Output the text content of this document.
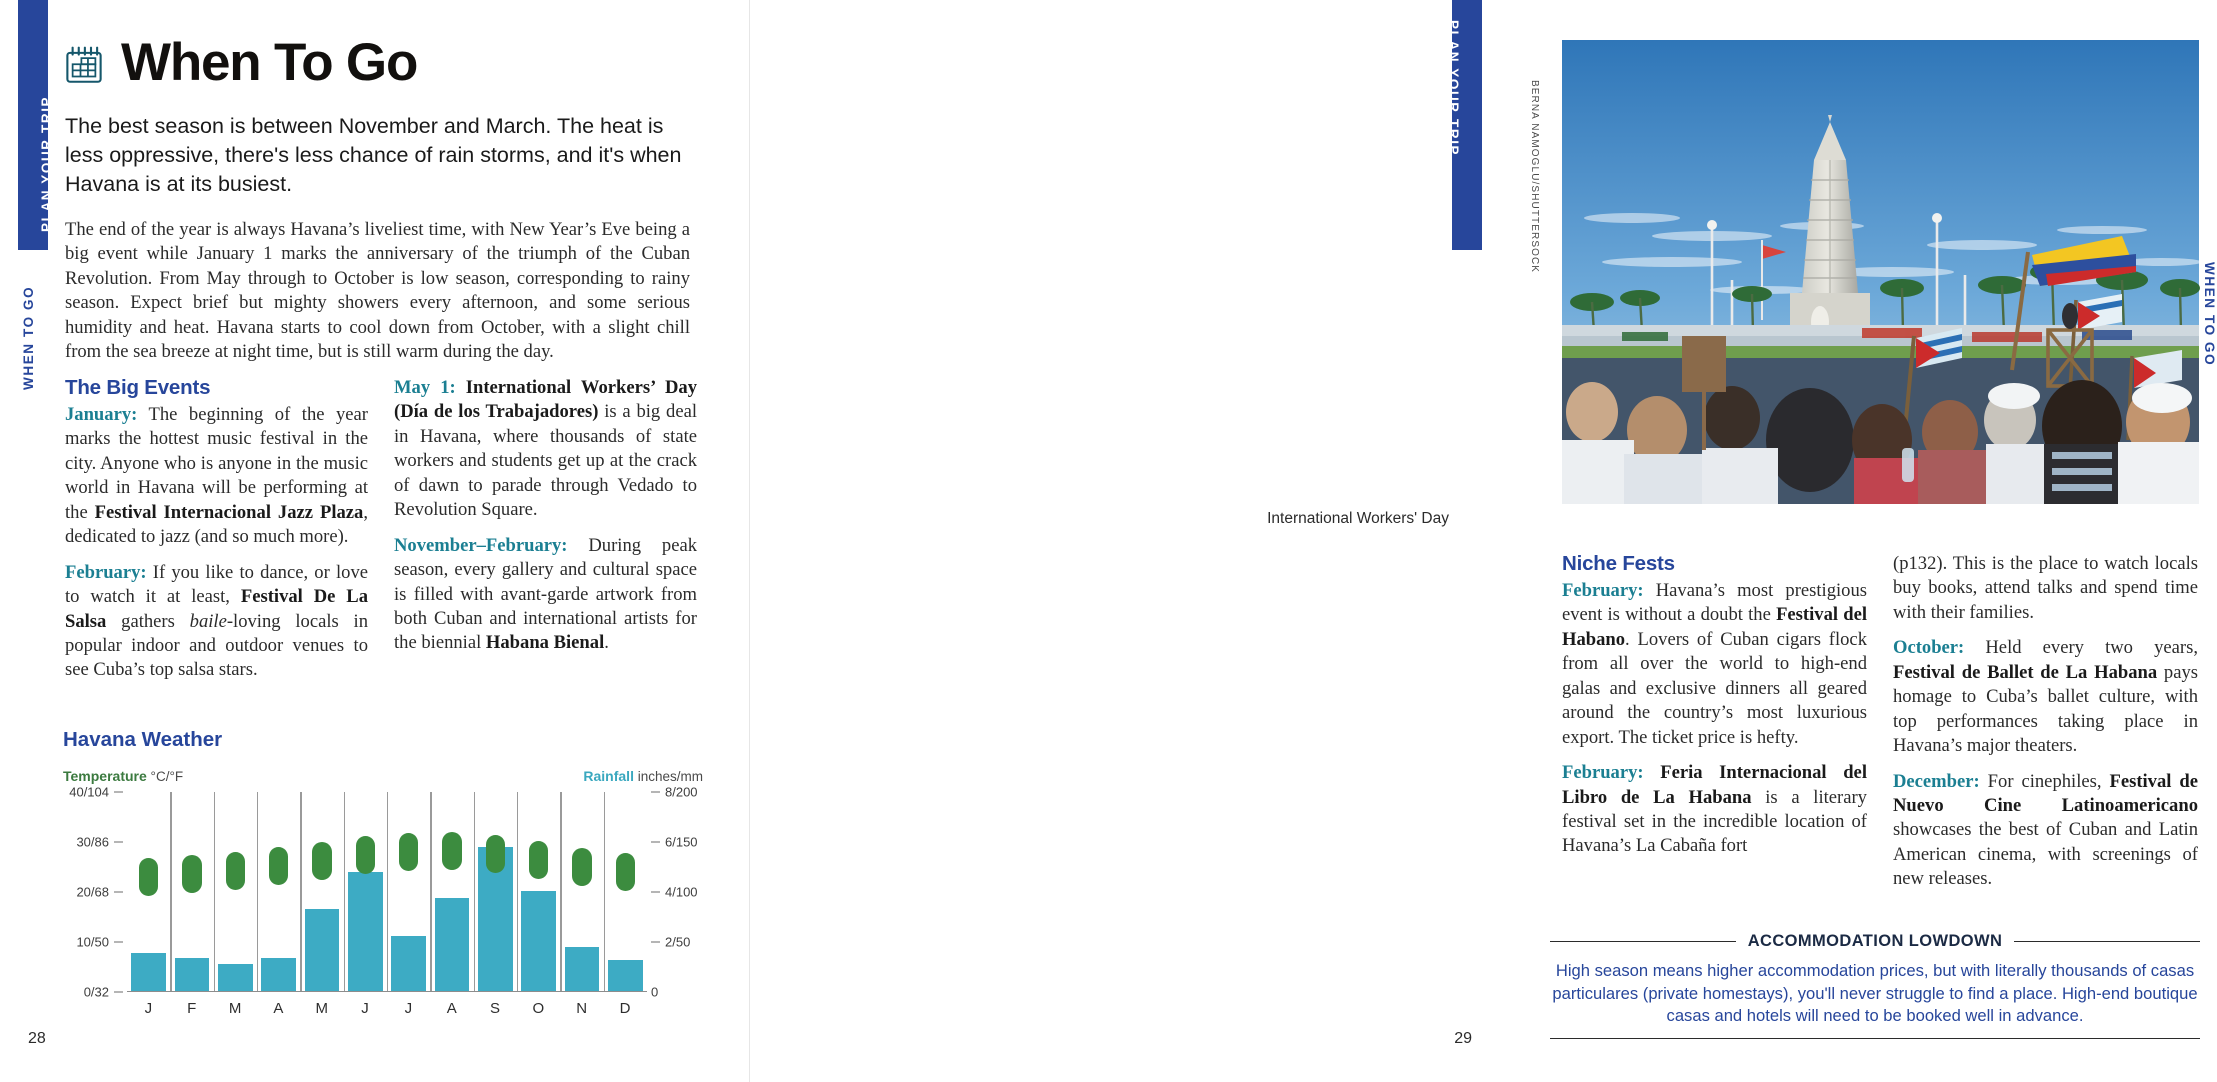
PLAN YOUR TRIP
WHEN TO GO
When To Go

The best season is between November and March. The heat is less oppressive, there's less chance of rain storms, and it's when Havana is at its busiest.

The end of the year is always Havana’s liveliest time, with New Year’s Eve being a big event while January 1 marks the anniversary of the triumph of the Cuban Revolution. From May through to October is low season, corresponding to rainy season. Expect brief but mighty showers every afternoon, and some serious humidity and heat. Havana starts to cool down from October, with a slight chill from the sea breeze at night time, but is still warm during the day.

The Big Events

January: The beginning of the year marks the hottest music festival in the city. Anyone who is anyone in the music world in Havana will be performing at the Festival Internacional Jazz Plaza, dedicated to jazz (and so much more).

February: If you like to dance, or love to watch it at least, Festival De La Salsa gathers baile-loving locals in popular indoor and outdoor venues to see Cuba’s top salsa stars.

May 1: International Workers’ Day (Día de los Trabajadores) is a big deal in Havana, where thousands of state workers and students get up at the crack of dawn to parade through Vedado to Revolution Square.

November–February: During peak season, every gallery and cultural space is filled with avant-garde artwork from both Cuban and international artists for the biennial Habana Bienal.

Havana Weather
Temperature °C/°F	Rainfall inches/mm
0/32
10/50
20/68
30/86
40/104
0
2/50
4/100
6/150
8/200
J	F	M	A	M	J	J	A	S	O	N	D
28
PLAN YOUR TRIP
WHEN TO GO
BERNA NAMOGLU/SHUTTERSOCK
International Workers' Day
Niche Fests

February: Havana’s most prestigious event is without a doubt the Festival del Habano. Lovers of Cuban cigars flock from all over the world to high-end galas and exclusive dinners all geared around the country’s most luxurious export. The ticket price is hefty.

February: Feria Internacional del Libro de La Habana is a literary festival set in the incredible location of Havana’s La Cabaña fort

(p132). This is the place to watch locals buy books, attend talks and spend time with their families.

October: Held every two years, Festival de Ballet de La Habana pays homage to Cuba’s ballet culture, with top performances taking place in Havana’s major theaters.

December: For cinephiles, Festival de Nuevo Cine Latinoamericano showcases the best of Cuban and Latin American cinema, with screenings of new releases.

ACCOMMODATION LOWDOWN
High season means higher accommodation prices, but with literally thousands of casas particulares (private homestays), you'll never struggle to find a place. High-end boutique casas and hotels will need to be booked well in advance.
29
